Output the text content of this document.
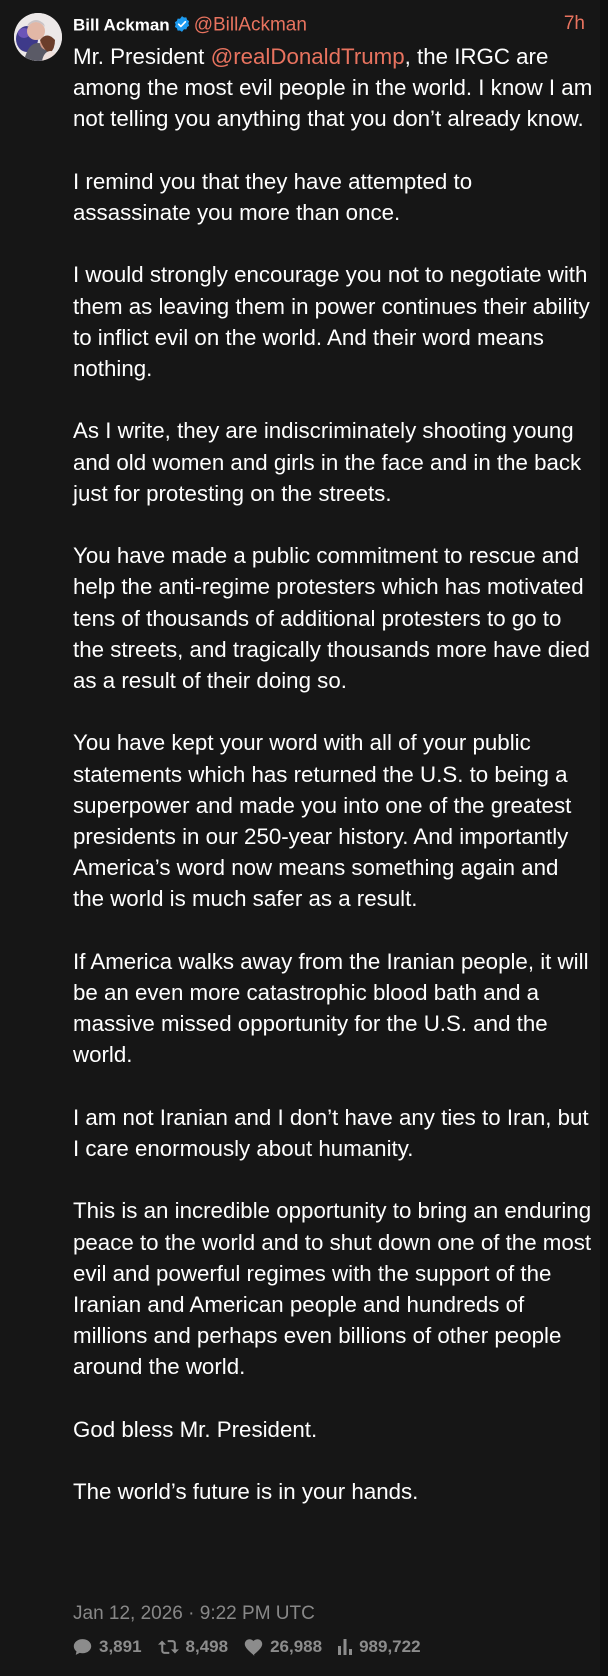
Bill Ackman @BillAckman	7h

Mr. President @realDonaldTrump, the IRGC are among the most evil people in the world. I know I am not telling you anything that you don’t already know.

I remind you that they have attempted to assassinate you more than once.

I would strongly encourage you not to negotiate with them as leaving them in power continues their ability to inflict evil on the world. And their word means nothing.

As I write, they are indiscriminately shooting young and old women and girls in the face and in the back just for protesting on the streets.

You have made a public commitment to rescue and help the anti-regime protesters which has motivated tens of thousands of additional protesters to go to the streets, and tragically thousands more have died as a result of their doing so.

You have kept your word with all of your public statements which has returned the U.S. to being a superpower and made you into one of the greatest presidents in our 250-year history. And importantly America’s word now means something again and the world is much safer as a result.

If America walks away from the Iranian people, it will be an even more catastrophic blood bath and a massive missed opportunity for the U.S. and the world.

I am not Iranian and I don’t have any ties to Iran, but I care enormously about humanity.

This is an incredible opportunity to bring an enduring peace to the world and to shut down one of the most evil and powerful regimes with the support of the Iranian and American people and hundreds of millions and perhaps even billions of other people around the world.

God bless Mr. President.

The world’s future is in your hands.

Jan 12, 2026 · 9:22 PM UTC
3,891	8,498 26,988 989,722
